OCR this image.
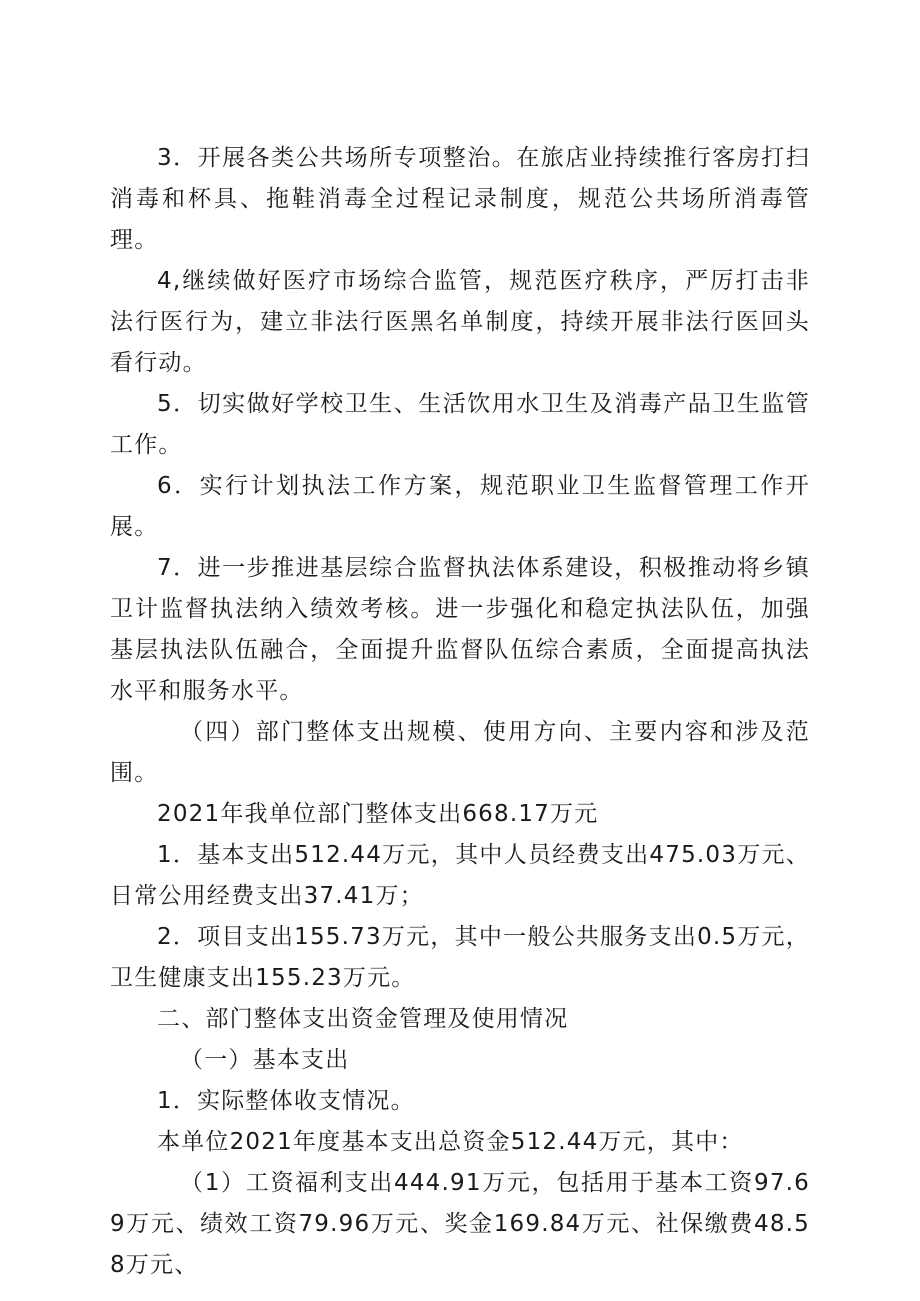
3．开展各类公共场所专项整治。在旅店业持续推行客房打扫消毒和杯具、拖鞋消毒全过程记录制度，规范公共场所消毒管理。

4,继续做好医疗市场综合监管，规范医疗秩序，严厉打击非法行医行为，建立非法行医黑名单制度，持续开展非法行医回头看行动。

5．切实做好学校卫生、生活饮用水卫生及消毒产品卫生监管工作。

6．实行计划执法工作方案，规范职业卫生监督管理工作开展。

7．进一步推进基层综合监督执法体系建设，积极推动将乡镇卫计监督执法纳入绩效考核。进一步强化和稳定执法队伍，加强基层执法队伍融合，全面提升监督队伍综合素质，全面提高执法水平和服务水平。

（四）部门整体支出规模、使用方向、主要内容和涉及范围。

2021年我单位部门整体支出668.17万元

1．基本支出512.44万元，其中人员经费支出475.03万元、日常公用经费支出37.41万；

2．项目支出155.73万元，其中一般公共服务支出0.5万元，卫生健康支出155.23万元。

二、部门整体支出资金管理及使用情况

（一）基本支出

1．实际整体收支情况。

本单位2021年度基本支出总资金512.44万元，其中：

（1）工资福利支出444.91万元，包括用于基本工资97.69万元、绩效工资79.96万元、奖金169.84万元、社保缴费48.58万元、
